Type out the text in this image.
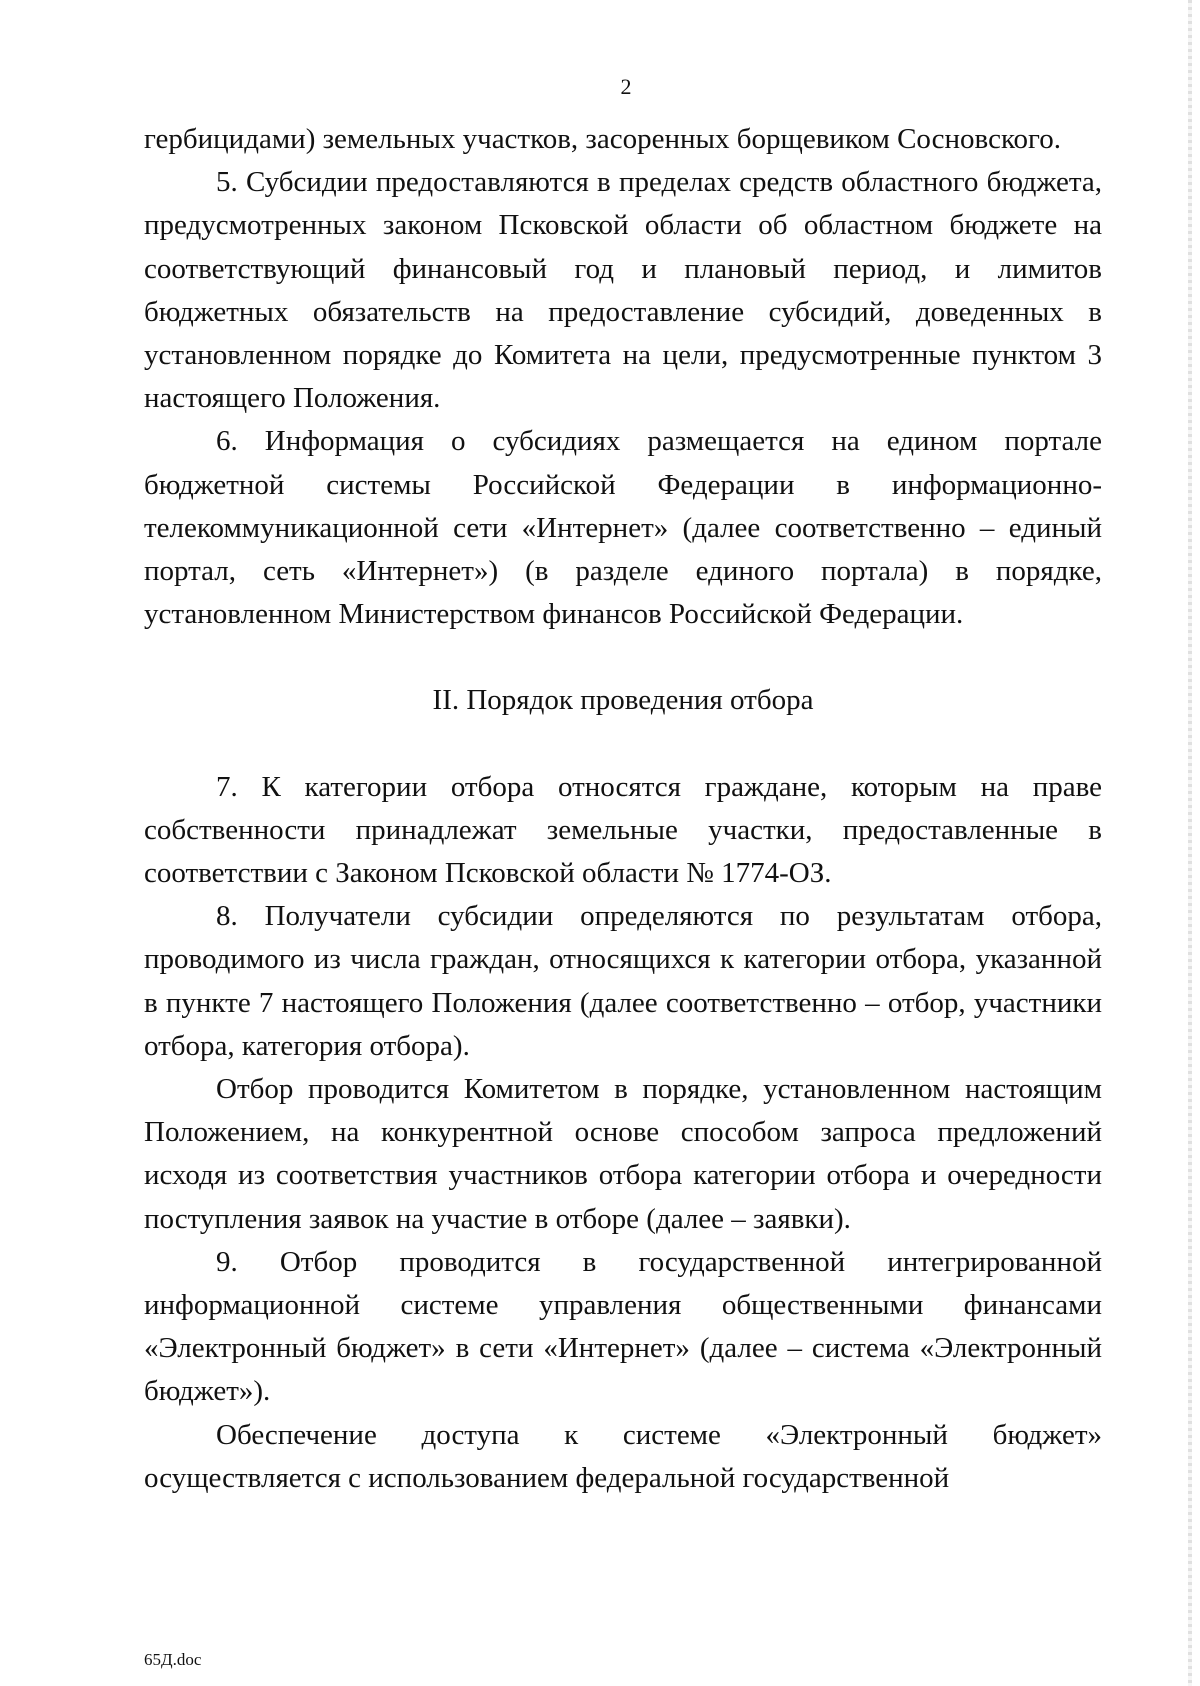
2

гербицидами) земельных участков, засоренных борщевиком Сосновского.

5. Субсидии предоставляются в пределах средств областного бюджета, предусмотренных законом Псковской области об областном бюджете на соответствующий финансовый год и плановый период, и лимитов бюджетных обязательств на предоставление субсидий, доведенных в установленном порядке до Комитета на цели, предусмотренные пунктом 3 настоящего Положения.

6. Информация о субсидиях размещается на едином портале бюджетной системы Российской Федерации в информационно-телекоммуникационной сети «Интернет» (далее соответственно – единый портал, сеть «Интернет») (в разделе единого портала) в порядке, установленном Министерством финансов Российской Федерации.

II. Порядок проведения отбора

7. К категории отбора относятся граждане, которым на праве собственности принадлежат земельные участки, предоставленные в соответствии с Законом Псковской области № 1774-ОЗ.

8. Получатели субсидии определяются по результатам отбора, проводимого из числа граждан, относящихся к категории отбора, указанной в пункте 7 настоящего Положения (далее соответственно – отбор, участники отбора, категория отбора).

Отбор проводится Комитетом в порядке, установленном настоящим Положением, на конкурентной основе способом запроса предложений исходя из соответствия участников отбора категории отбора и очередности поступления заявок на участие в отборе (далее – заявки).

9. Отбор проводится в государственной интегрированной информационной системе управления общественными финансами «Электронный бюджет» в сети «Интернет» (далее – система «Электронный бюджет»).

Обеспечение доступа к системе «Электронный бюджет» осуществляется с использованием федеральной государственной

65Д.doc
